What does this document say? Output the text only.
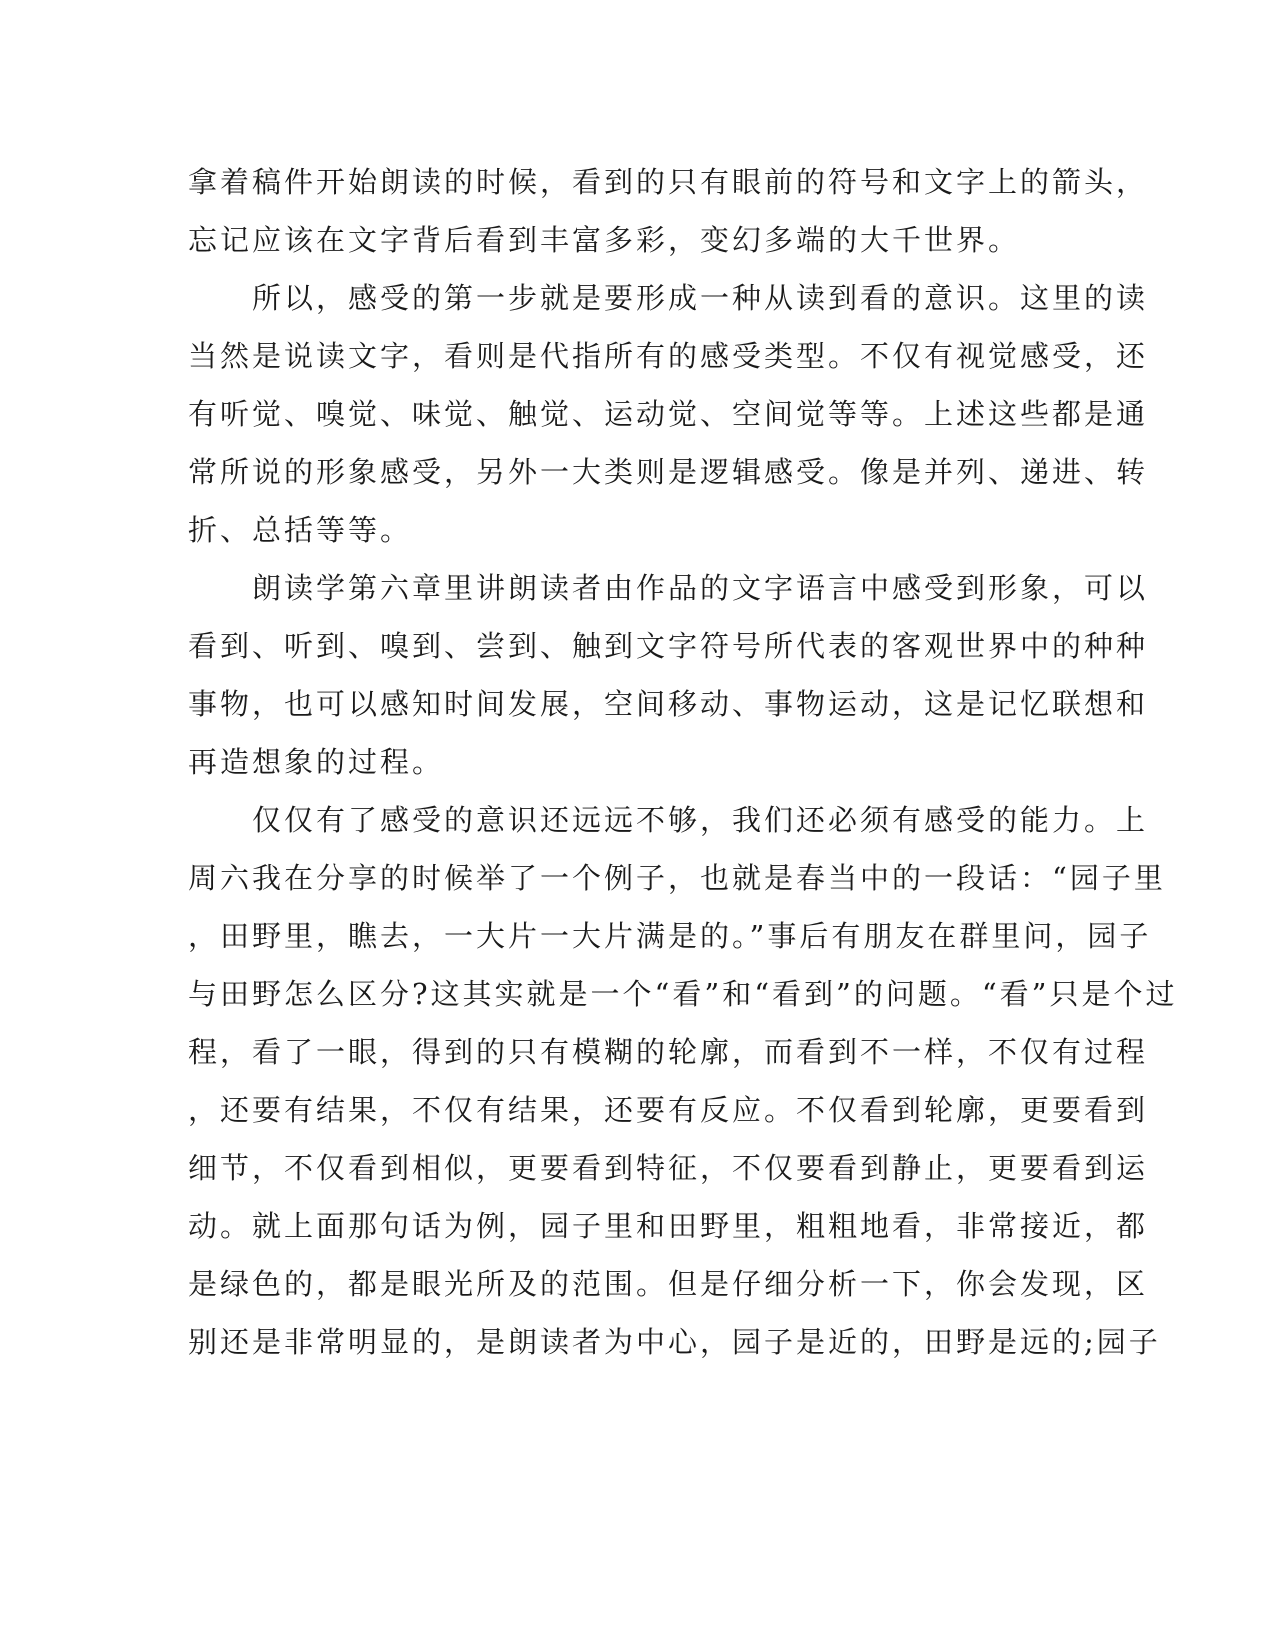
拿着稿件开始朗读的时候，看到的只有眼前的符号和文字上的箭头，
忘记应该在文字背后看到丰富多彩，变幻多端的大千世界。
　　所以，感受的第一步就是要形成一种从读到看的意识。这里的读
当然是说读文字，看则是代指所有的感受类型。不仅有视觉感受，还
有听觉、嗅觉、味觉、触觉、运动觉、空间觉等等。上述这些都是通
常所说的形象感受，另外一大类则是逻辑感受。像是并列、递进、转
折、总括等等。
　　朗读学第六章里讲朗读者由作品的文字语言中感受到形象，可以
看到、听到、嗅到、尝到、触到文字符号所代表的客观世界中的种种
事物，也可以感知时间发展，空间移动、事物运动，这是记忆联想和
再造想象的过程。
　　仅仅有了感受的意识还远远不够，我们还必须有感受的能力。上
周六我在分享的时候举了一个例子，也就是春当中的一段话：“园子里
，田野里，瞧去，一大片一大片满是的。”事后有朋友在群里问，园子
与田野怎么区分?这其实就是一个“看”和“看到”的问题。“看”只是个过
程，看了一眼，得到的只有模糊的轮廓，而看到不一样，不仅有过程
，还要有结果，不仅有结果，还要有反应。不仅看到轮廓，更要看到
细节，不仅看到相似，更要看到特征，不仅要看到静止，更要看到运
动。就上面那句话为例，园子里和田野里，粗粗地看，非常接近，都
是绿色的，都是眼光所及的范围。但是仔细分析一下，你会发现，区
别还是非常明显的，是朗读者为中心，园子是近的，田野是远的;园子
